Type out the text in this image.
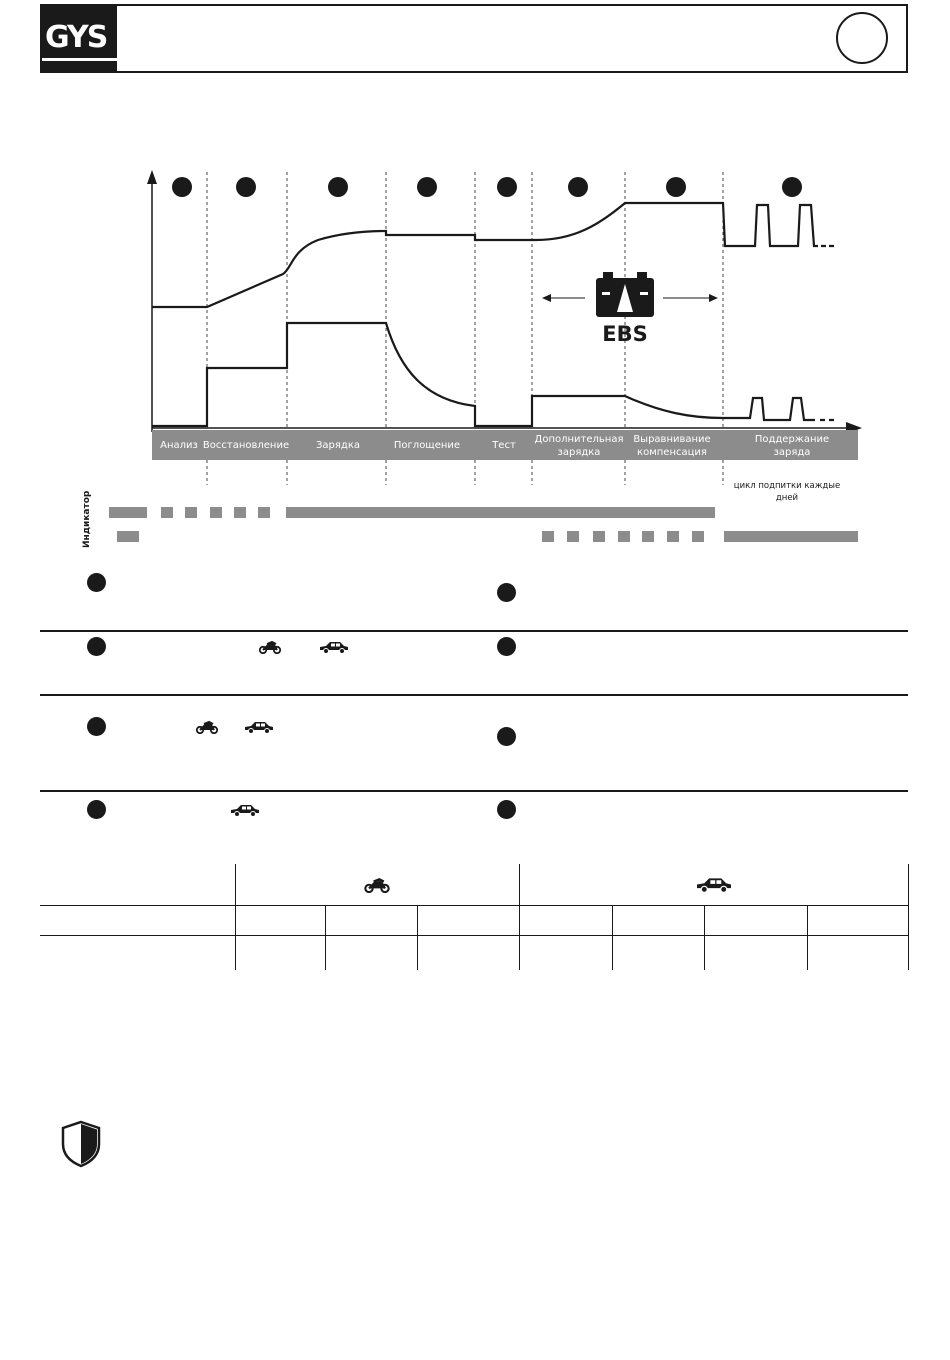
GYS
EBS
Анализ Восстановление	Зарядка	Поглощение	Тест
Дополнительная зарядка
Выравнивание компенсация
Поддержание заряда
цикл подпитки каждые дней
Индикатор
